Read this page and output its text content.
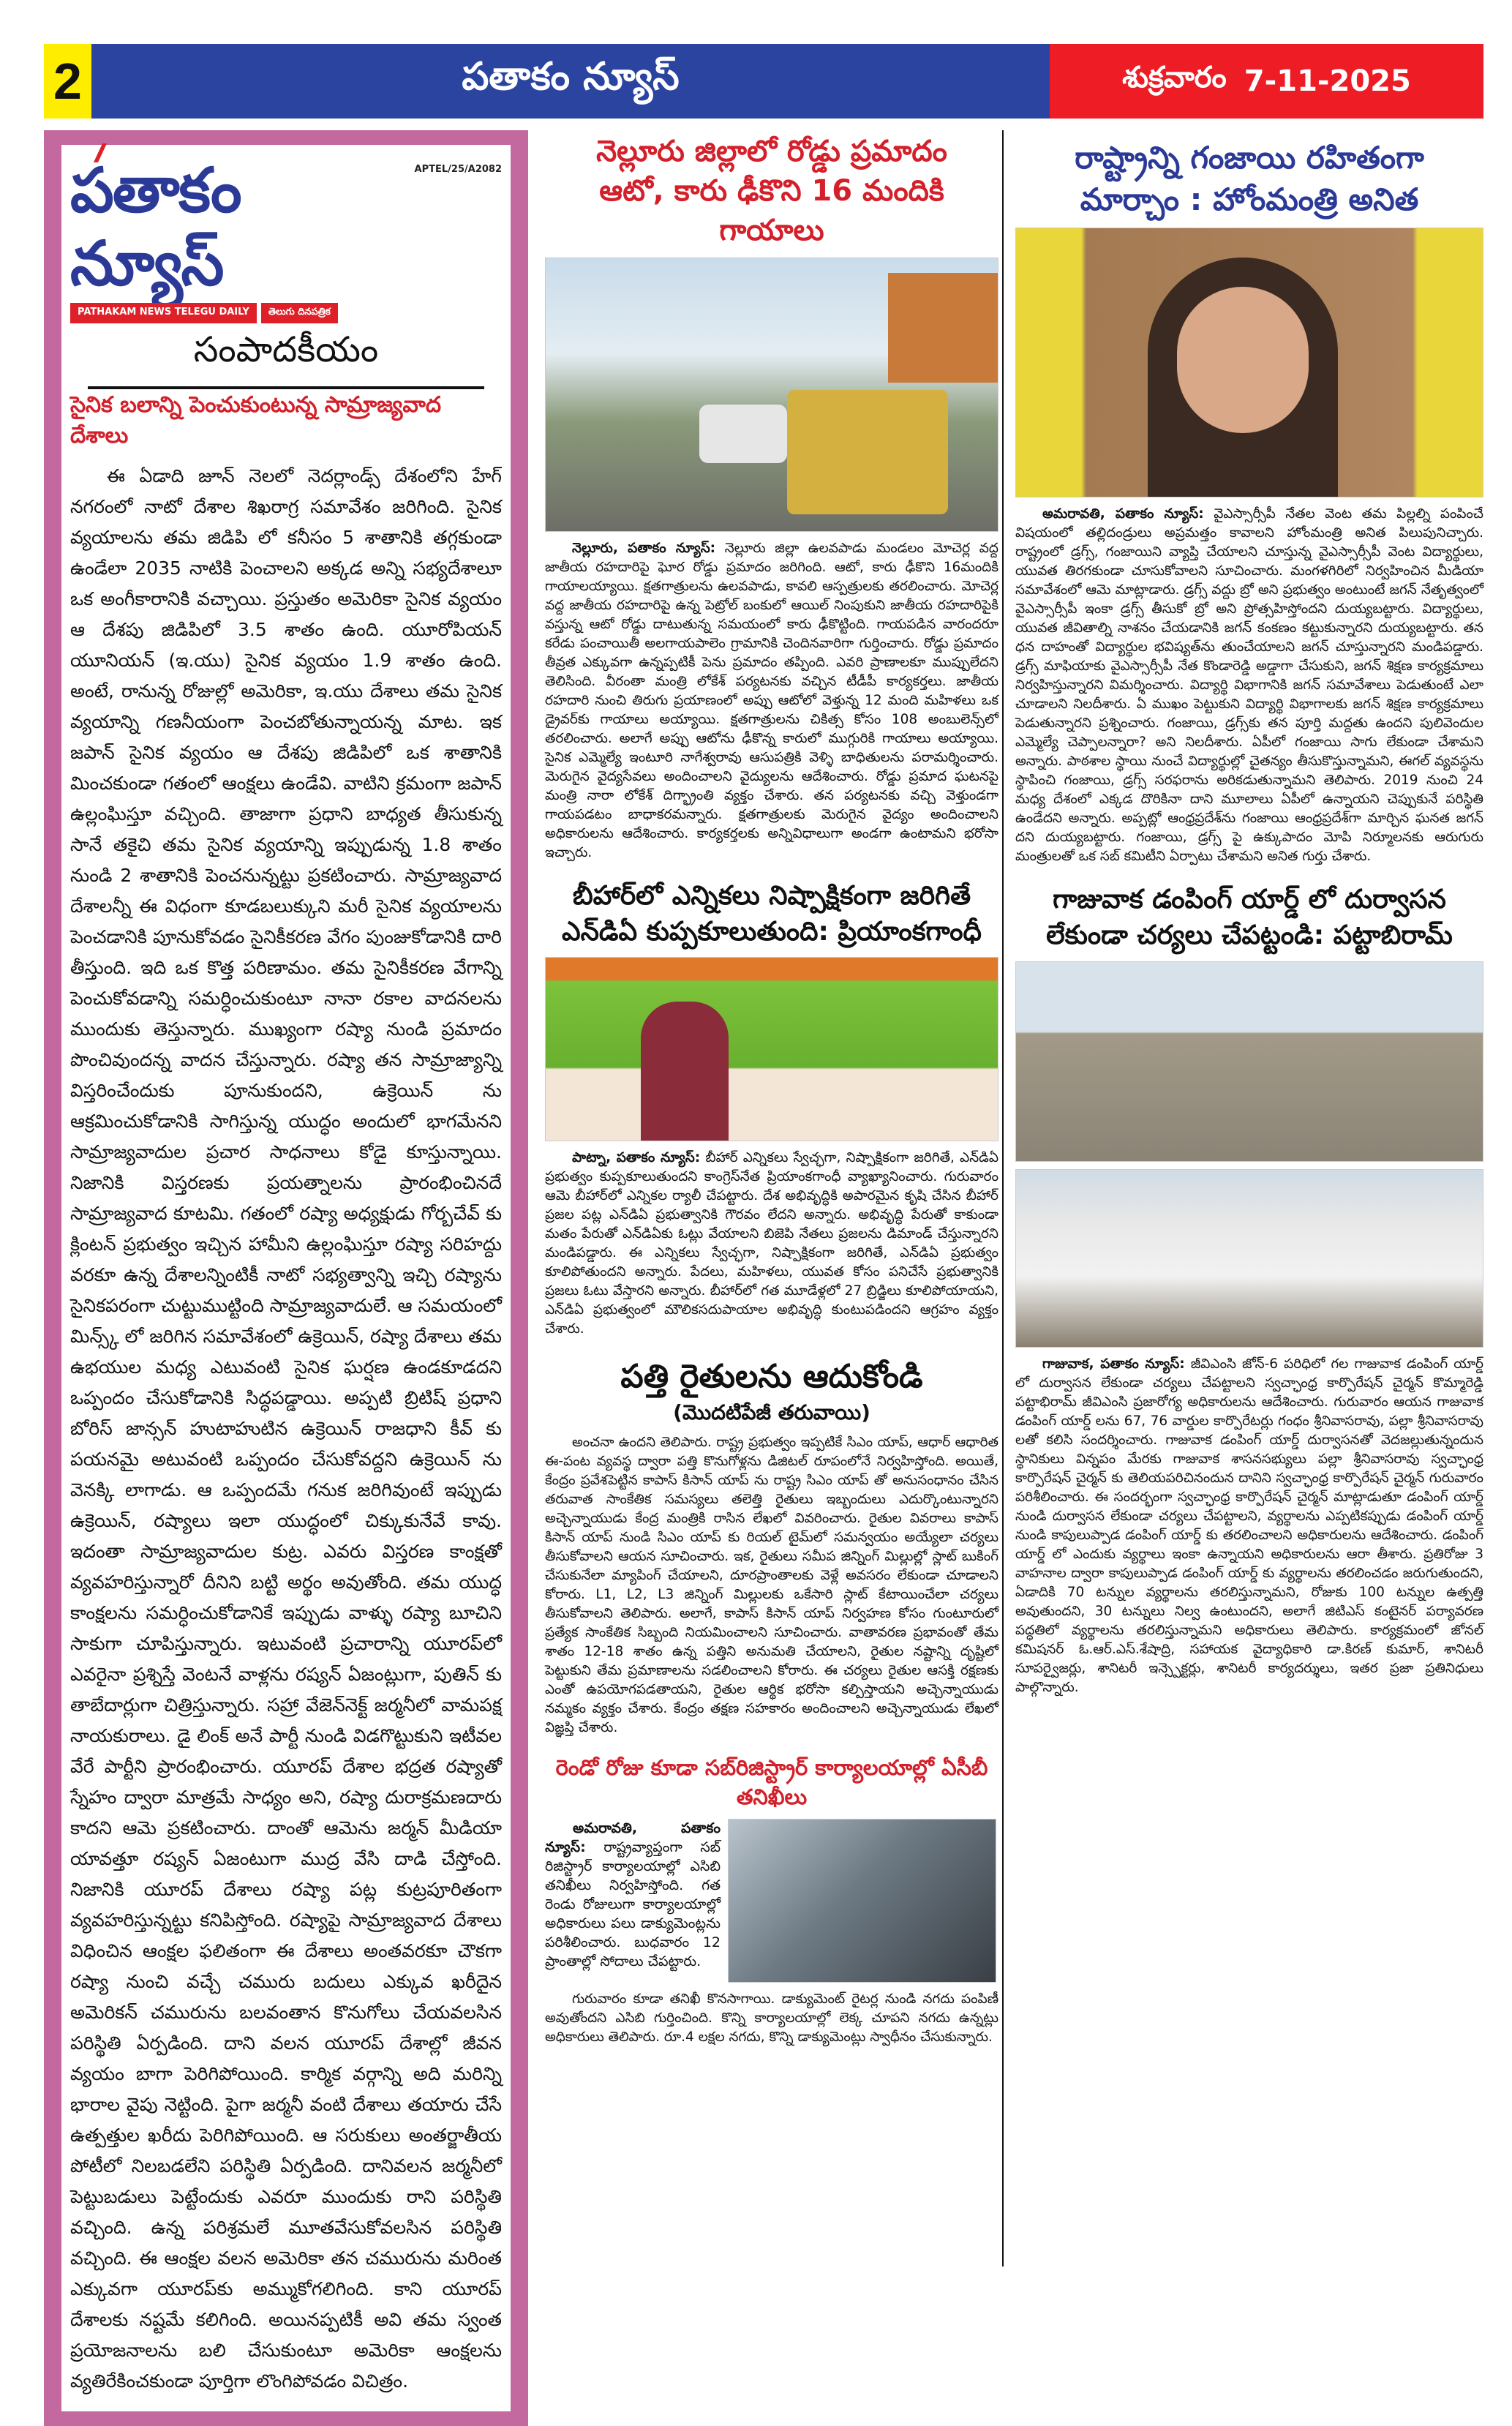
2	పతాకం న్యూస్	శుక్రవారం 7-11-2025
పతాకం న్యూస్
APTEL/25/A2082
PATHAKAM NEWS TELEGU DAILY	తెలుగు దినపత్రిక
సంపాదకీయం
సైనిక బలాన్ని పెంచుకుంటున్న సామ్రాజ్యవాద దేశాలు

ఈ ఏడాది జూన్ నెలలో నెదర్లాండ్స్ దేశంలోని హేగ్ నగరంలో నాటో దేశాల శిఖరాగ్ర సమావేశం జరిగింది. సైనిక వ్యయాలను తమ జిడిపి లో కనీసం 5 శాతానికి తగ్గకుండా ఉండేలా 2035 నాటికి పెంచాలని అక్కడ అన్ని సభ్యదేశాలూ ఒక అంగీకారానికి వచ్చాయి. ప్రస్తుతం అమెరికా సైనిక వ్యయం ఆ దేశపు జిడిపిలో 3.5 శాతం ఉంది. యూరోపియన్ యూనియన్ (ఇ.యు) సైనిక వ్యయం 1.9 శాతం ఉంది. అంటే, రానున్న రోజుల్లో అమెరికా, ఇ.యు దేశాలు తమ సైనిక వ్యయాన్ని గణనీయంగా పెంచబోతున్నాయన్న మాట. ఇక జపాన్ సైనిక వ్యయం ఆ దేశపు జిడిపిలో ఒక శాతానికి మించకుండా గతంలో ఆంక్షలు ఉండేవి. వాటిని క్రమంగా జపాన్ ఉల్లంఘిస్తూ వచ్చింది. తాజాగా ప్రధాని బాధ్యత తీసుకున్న సానే తకైచి తమ సైనిక వ్యయాన్ని ఇప్పుడున్న 1.8 శాతం నుండి 2 శాతానికి పెంచనున్నట్టు ప్రకటించారు. సామ్రాజ్యవాద దేశాలన్నీ ఈ విధంగా కూడబలుక్కుని మరీ సైనిక వ్యయాలను పెంచడానికి పూనుకోవడం సైనికీకరణ వేగం పుంజుకోడానికి దారి తీస్తుంది. ఇది ఒక కొత్త పరిణామం. తమ సైనికీకరణ వేగాన్ని పెంచుకోవడాన్ని సమర్ధించుకుంటూ నానా రకాల వాదనలను ముందుకు తెస్తున్నారు. ముఖ్యంగా రష్యా నుండి ప్రమాదం పొంచివుందన్న వాదన చేస్తున్నారు. రష్యా తన సామ్రాజ్యాన్ని విస్తరించేందుకు పూనుకుందని, ఉక్రెయిన్ ను ఆక్రమించుకోడానికి సాగిస్తున్న యుద్ధం అందులో భాగమేనని సామ్రాజ్యవాదుల ప్రచార సాధనాలు కోడై కూస్తున్నాయి. నిజానికి విస్తరణకు ప్రయత్నాలను ప్రారంభించినదే సామ్రాజ్యవాద కూటమి. గతంలో రష్యా అధ్యక్షుడు గోర్బచేవ్ కు క్లింటన్ ప్రభుత్వం ఇచ్చిన హామీని ఉల్లంఘిస్తూ రష్యా సరిహద్దు వరకూ ఉన్న దేశాలన్నింటికీ నాటో సభ్యత్వాన్ని ఇచ్చి రష్యాను సైనికపరంగా చుట్టుముట్టింది సామ్రాజ్యవాదులే. ఆ సమయంలో మిన్స్క్ లో జరిగిన సమావేశంలో ఉక్రెయిన్, రష్యా దేశాలు తమ ఉభయుల మధ్య ఎటువంటి సైనిక ఘర్షణ ఉండకూడదని ఒప్పందం చేసుకోడానికి సిద్ధపడ్డాయి. అప్పటి బ్రిటిష్ ప్రధాని బోరిస్ జాన్సన్ హుటాహుటిన ఉక్రెయిన్ రాజధాని కీవ్ కు పయనమై అటువంటి ఒప్పందం చేసుకోవద్దని ఉక్రెయిన్ ను వెనక్కి లాగాడు. ఆ ఒప్పందమే గనుక జరిగివుంటే ఇప్పుడు ఉక్రెయిన్, రష్యాలు ఇలా యుద్ధంలో చిక్కుకునేవే కావు. ఇదంతా సామ్రాజ్యవాదుల కుట్ర. ఎవరు విస్తరణ కాంక్షతో వ్యవహరిస్తున్నారో దీనిని బట్టి అర్థం అవుతోంది. తమ యుద్ధ కాంక్షలను సమర్ధించుకోడానికే ఇప్పుడు వాళ్ళు రష్యా బూచిని సాకుగా చూపిస్తున్నారు. ఇటువంటి ప్రచారాన్ని యూరప్‌లో ఎవరైనా ప్రశ్నిస్తే వెంటనే వాళ్లను రష్యన్ ఏజంట్లుగా, పుతిన్ కు తాబేదార్లుగా చిత్రిస్తున్నారు. సహ్రా వేజెన్‌నెక్ట్ జర్మనీలో వామపక్ష నాయకురాలు. డై లింక్ అనే పార్టీ నుండి విడగొట్టుకుని ఇటీవల వేరే పార్టీని ప్రారంభించారు. యూరప్ దేశాల భద్రత రష్యాతో స్నేహం ద్వారా మాత్రమే సాధ్యం అని, రష్యా దురాక్రమణదారు కాదని ఆమె ప్రకటించారు. దాంతో ఆమెను జర్మన్ మీడియా యావత్తూ రష్యన్ ఏజంటుగా ముద్ర వేసి దాడి చేస్తోంది. నిజానికి యూరప్ దేశాలు రష్యా పట్ల కుట్రపూరితంగా వ్యవహరిస్తున్నట్టు కనిపిస్తోంది. రష్యాపై సామ్రాజ్యవాద దేశాలు విధించిన ఆంక్షల ఫలితంగా ఈ దేశాలు అంతవరకూ చౌకగా రష్యా నుంచి వచ్చే చమురు బదులు ఎక్కువ ఖరీదైన అమెరికన్ చమురును బలవంతాన కొనుగోలు చేయవలసిన పరిస్థితి ఏర్పడింది. దాని వలన యూరప్ దేశాల్లో జీవన వ్యయం బాగా పెరిగిపోయింది. కార్మిక వర్గాన్ని అది మరిన్ని భారాల వైపు నెట్టింది. పైగా జర్మనీ వంటి దేశాలు తయారు చేసే ఉత్పత్తుల ఖరీదు పెరిగిపోయింది. ఆ సరుకులు అంతర్జాతీయ పోటీలో నిలబడలేని పరిస్థితి ఏర్పడింది. దానివలన జర్మనీలో పెట్టుబడులు పెట్టేందుకు ఎవరూ ముందుకు రాని పరిస్థితి వచ్చింది. ఉన్న పరిశ్రమలే మూతవేసుకోవలసిన పరిస్థితి వచ్చింది. ఈ ఆంక్షల వలన అమెరికా తన చమురును మరింత ఎక్కువగా యూరప్‌కు అమ్ముకోగలిగింది. కాని యూరప్ దేశాలకు నష్టమే కలిగింది. అయినప్పటికీ అవి తమ స్వంత ప్రయోజనాలను బలి చేసుకుంటూ అమెరికా ఆంక్షలను వ్యతిరేకించకుండా పూర్తిగా లొంగిపోవడం విచిత్రం.

నెల్లూరు జిల్లాలో రోడ్డు ప్రమాదం
ఆటో, కారు ఢీకొని 16 మందికి గాయాలు

నెల్లూరు, పతాకం న్యూస్: నెల్లూరు జిల్లా ఉలవపాడు మండలం మోచెర్ల వద్ద జాతీయ రహదారిపై ఘోర రోడ్డు ప్రమాదం జరిగింది. ఆటో, కారు ఢీకొని 16మందికి గాయాలయ్యాయి. క్షతగాత్రులను ఉలవపాడు, కావలి ఆస్పత్రులకు తరలించారు. మోచెర్ల వద్ద జాతీయ రహదారిపై ఉన్న పెట్రోల్ బంకులో ఆయిల్ నింపుకుని జాతీయ రహదారిపైకి వస్తున్న ఆటో రోడ్డు దాటుతున్న సమయంలో కారు ఢీకొట్టింది. గాయపడిన వారందరూ కరేడు పంచాయితీ అలగాయపాలెం గ్రామానికి చెందినవారిగా గుర్తించారు. రోడ్డు ప్రమాదం తీవ్రత ఎక్కువగా ఉన్నప్పటికీ పెను ప్రమాదం తప్పింది. ఎవరి ప్రాణాలకూ ముప్పులేదని తెలిసింది. వీరంతా మంత్రి లోకేశ్ పర్యటనకు వచ్చిన టీడీపీ కార్యకర్తలు. జాతీయ రహదారి నుంచి తిరుగు ప్రయాణంలో అప్పు ఆటోలో వెళ్తున్న 12 మంది మహిళలు ఒక డ్రైవర్‌కు గాయాలు అయ్యాయి. క్షతగాత్రులను చికిత్స కోసం 108 అంబులెన్స్‌లో తరలించారు. అలాగే అప్పు ఆటోను ఢీకొన్న కారులో ముగ్గురికి గాయాలు అయ్యాయి. సైనిక ఎమ్మెల్యే ఇంటూరి నాగేశ్వరావు ఆసుపత్రికి వెళ్ళి బాధితులను పరామర్శించారు. మెరుగైన వైద్యసేవలు అందించాలని వైద్యులను ఆదేశించారు. రోడ్డు ప్రమాద ఘటనపై మంత్రి నారా లోకేశ్ దిగ్భ్రాంతి వ్యక్తం చేశారు. తన పర్యటనకు వచ్చి వెళ్తుండగా గాయపడటం బాధాకరమన్నారు. క్షతగాత్రులకు మెరుగైన వైద్యం అందించాలని అధికారులను ఆదేశించారు. కార్యకర్తలకు అన్నివిధాలుగా అండగా ఉంటామని భరోసా ఇచ్చారు.

బీహార్‌లో ఎన్నికలు నిష్పాక్షికంగా జరిగితే
ఎన్‌డిఏ కుప్పకూలుతుంది: ప్రియాంకగాంధీ

పాట్నా, పతాకం న్యూస్: బీహార్ ఎన్నికలు స్వేచ్ఛగా, నిష్పాక్షికంగా జరిగితే, ఎన్‌డిఏ ప్రభుత్వం కుప్పకూలుతుందని కాంగ్రెస్‌నేత ప్రియాంకగాంధీ వ్యాఖ్యానించారు. గురువారం ఆమె బీహార్‌లో ఎన్నికల ర్యాలీ చేపట్టారు. దేశ అభివృద్ధికి అపారమైన కృషి చేసిన బీహార్ ప్రజల పట్ల ఎన్‌డిఏ ప్రభుత్వానికి గౌరవం లేదని అన్నారు. అభివృద్ధి పేరుతో కాకుండా మతం పేరుతో ఎన్‌డిఏకు ఓట్లు వేయాలని బిజెపి నేతలు ప్రజలను డిమాండ్ చేస్తున్నారని మండిపడ్డారు. ఈ ఎన్నికలు స్వేచ్ఛగా, నిష్పాక్షికంగా జరిగితే, ఎన్‌డిఏ ప్రభుత్వం కూలిపోతుందని అన్నారు. పేదలు, మహిళలు, యువత కోసం పనిచేసే ప్రభుత్వానికి ప్రజలు ఓటు వేస్తారని అన్నారు. బీహార్‌లో గత మూడేళ్లలో 27 బ్రిడ్జిలు కూలిపోయాయని, ఎన్‌డిఏ ప్రభుత్వంలో మౌలికసదుపాయాల అభివృద్ధి కుంటుపడిందని ఆగ్రహం వ్యక్తం చేశారు.

పత్తి రైతులను ఆదుకోండి
(మొదటిపేజీ తరువాయి)

అంచనా ఉందని తెలిపారు. రాష్ట్ర ప్రభుత్వం ఇప్పటికే సిఎం యాప్, ఆధార్ ఆధారిత ఈ-పంట వ్యవస్థ ద్వారా పత్తి కొనుగోళ్లను డిజిటల్ రూపంలోనే నిర్వహిస్తోంది. అయితే, కేంద్రం ప్రవేశపెట్టిన కాపాస్ కిసాన్ యాప్ ను రాష్ట్ర సిఎం యాప్ తో అనుసంధానం చేసిన తరువాత సాంకేతిక సమస్యలు తలెత్తి రైతులు ఇబ్బందులు ఎదుర్కొంటున్నారని అచ్చెన్నాయుడు కేంద్ర మంత్రికి రాసిన లేఖలో వివరించారు. రైతుల వివరాలు కాపాస్ కిసాన్ యాప్ నుండి సిఎం యాప్ కు రియల్ టైమ్‌లో సమన్వయం అయ్యేలా చర్యలు తీసుకోవాలని ఆయన సూచించారు. ఇక, రైతులు సమీప జిన్నింగ్ మిల్లుల్లో స్లాట్ బుకింగ్ చేసుకునేలా మ్యాపింగ్ చేయాలని, దూరప్రాంతాలకు వెళ్లే అవసరం లేకుండా చూడాలని కోరారు. L1, L2, L3 జిన్నింగ్ మిల్లులకు ఒకేసారి స్లాట్ కేటాయించేలా చర్యలు తీసుకోవాలని తెలిపారు. అలాగే, కాపాస్ కిసాన్ యాప్ నిర్వహణ కోసం గుంటూరులో ప్రత్యేక సాంకేతిక సిబ్బంది నియమించాలని సూచించారు. వాతావరణ ప్రభావంతో తేమ శాతం 12-18 శాతం ఉన్న పత్తిని అనుమతి చేయాలని, రైతుల నష్టాన్ని దృష్టిలో పెట్టుకుని తేమ ప్రమాణాలను సడలించాలని కోరారు. ఈ చర్యలు రైతుల ఆసక్తి రక్షణకు ఎంతో ఉపయోగపడతాయని, రైతుల ఆర్థిక భరోసా కల్పిస్తాయని అచ్చెన్నాయుడు నమ్మకం వ్యక్తం చేశారు. కేంద్రం తక్షణ సహకారం అందించాలని అచ్చెన్నాయుడు లేఖలో విజ్ఞప్తి చేశారు.

రెండో రోజు కూడా సబ్‌రిజిస్ట్రార్ కార్యాలయాల్లో ఏసీబీ తనిఖీలు

అమరావతి, పతాకం న్యూస్: రాష్ట్రవ్యాప్తంగా సబ్ రిజిస్ట్రార్ కార్యాలయాల్లో ఎసిబి తనిఖీలు నిర్వహిస్తోంది. గత రెండు రోజులుగా కార్యాలయాల్లో అధికారులు పలు డాక్యుమెంట్లను పరిశీలించారు. బుధవారం 12 ప్రాంతాల్లో సోదాలు చేపట్టారు.

గురువారం కూడా తనిఖీ కొనసాగాయి. డాక్యుమెంట్ రైటర్ల నుండి నగదు పంపిణీ అవుతోందని ఎసిబి గుర్తించింది. కొన్ని కార్యాలయాల్లో లెక్క చూపని నగదు ఉన్నట్లు అధికారులు తెలిపారు. రూ.4 లక్షల నగదు, కొన్ని డాక్యుమెంట్లు స్వాధీనం చేసుకున్నారు.

రాష్ట్రాన్ని గంజాయి రహితంగా
మార్చాం : హోంమంత్రి అనిత

అమరావతి, పతాకం న్యూస్: వైఎస్సార్సీపీ నేతల వెంట తమ పిల్లల్ని పంపించే విషయంలో తల్లిదండ్రులు అప్రమత్తం కావాలని హోంమంత్రి అనిత పిలుపునిచ్చారు. రాష్ట్రంలో డ్రగ్స్, గంజాయిని వ్యాప్తి చేయాలని చూస్తున్న వైఎస్సార్సీపీ వెంట విద్యార్థులు, యువత తిరగకుండా చూసుకోవాలని సూచించారు. మంగళగిరిలో నిర్వహించిన మీడియా సమావేశంలో ఆమె మాట్లాడారు. డ్రగ్స్ వద్దు బ్రో అని ప్రభుత్వం అంటుంటే జగన్ నేతృత్వంలో వైఎస్సార్సీపీ ఇంకా డ్రగ్స్ తీసుకో బ్రో అని ప్రోత్సహిస్తోందని దుయ్యబట్టారు. విద్యార్థులు, యువత జీవితాల్ని నాశనం చేయడానికి జగన్ కంకణం కట్టుకున్నారని దుయ్యబట్టారు. తన ధన దాహంతో విద్యార్థుల భవిష్యత్‌ను తుంచేయాలని జగన్ చూస్తున్నారని మండిపడ్డారు. డ్రగ్స్ మాఫియాకు వైఎస్సార్సీపీ నేత కొండారెడ్డి అడ్డాగా చేసుకుని, జగన్ శిక్షణ కార్యక్రమాలు నిర్వహిస్తున్నారని విమర్శించారు. విద్యార్థి విభాగానికి జగన్ సమావేశాలు పెడుతుంటే ఎలా చూడాలని నిలదీశారు. ఏ ముఖం పెట్టుకుని విద్యార్థి విభాగాలకు జగన్ శిక్షణ కార్యక్రమాలు పెడుతున్నారని ప్రశ్నించారు. గంజాయి, డ్రగ్స్‌కు తన పూర్తి మద్దతు ఉందని పులివెందుల ఎమ్మెల్యే చెప్పాలన్నారా? అని నిలదీశారు. ఏపీలో గంజాయి సాగు లేకుండా చేశామని అన్నారు. పాఠశాల స్థాయి నుంచే విద్యార్థుల్లో చైతన్యం తీసుకొస్తున్నామని, ఈగల్ వ్యవస్థను స్థాపించి గంజాయి, డ్రగ్స్ సరఫరాను అరికడుతున్నామని తెలిపారు. 2019 నుంచి 24 మధ్య దేశంలో ఎక్కడ దొరికినా దాని మూలాలు ఏపీలో ఉన్నాయని చెప్పుకునే పరిస్థితి ఉండేదని అన్నారు. అప్పట్లో ఆంధ్రప్రదేశ్‌ను గంజాయి ఆంధ్రప్రదేశ్‌గా మార్చిన ఘనత జగన్ దని దుయ్యబట్టారు. గంజాయి, డ్రగ్స్ పై ఉక్కుపాదం మోపి నిర్మూలనకు ఆరుగురు మంత్రులతో ఒక సబ్ కమిటీని ఏర్పాటు చేశామని అనిత గుర్తు చేశారు.

గాజువాక డంపింగ్ యార్డ్ లో దుర్వాసన
లేకుండా చర్యలు చేపట్టండి: పట్టాబిరామ్

గాజువాక, పతాకం న్యూస్: జీవిఎంసి జోన్-6 పరిధిలో గల గాజువాక డంపింగ్ యార్డ్ లో దుర్వాసన లేకుండా చర్యలు చేపట్టాలని స్వచ్ఛాంధ్ర కార్పొరేషన్ చైర్మన్ కొమ్మారెడ్డి పట్టాభిరామ్ జీవిఎంసి ప్రజారోగ్య అధికారులను ఆదేశించారు. గురువారం ఆయన గాజువాక డంపింగ్ యార్డ్ లను 67, 76 వార్డుల కార్పొరేటర్లు గంధం శ్రీనివాసరావు, పల్లా శ్రీనివాసరావు లతో కలిసి సందర్శించారు. గాజువాక డంపింగ్ యార్డ్ దుర్వాసనతో వెదజల్లుతున్నందున స్థానికులు విన్నపం మేరకు గాజువాక శాసనసభ్యులు పల్లా శ్రీనివాసరావు స్వచ్ఛాంధ్ర కార్పొరేషన్ చైర్మన్ కు తెలియపరిచినందున దానిని స్వచ్ఛాంధ్ర కార్పొరేషన్ చైర్మన్ గురువారం పరిశీలించారు. ఈ సందర్భంగా స్వచ్ఛాంధ్ర కార్పొరేషన్ చైర్మన్ మాట్లాడుతూ డంపింగ్ యార్డ్ నుండి దుర్వాసన లేకుండా చర్యలు చేపట్టాలని, వ్యర్థాలను ఎప్పటికప్పుడు డంపింగ్ యార్డ్ నుండి కాపులుప్పాడ డంపింగ్ యార్డ్ కు తరలించాలని అధికారులను ఆదేశించారు. డంపింగ్ యార్డ్ లో ఎందుకు వ్యర్థాలు ఇంకా ఉన్నాయని అధికారులను ఆరా తీశారు. ప్రతిరోజు 3 వాహనాల ద్వారా కాపులుప్పాడ డంపింగ్ యార్డ్ కు వ్యర్థాలను తరలించడం జరుగుతుందని, ఏడాదికి 70 టన్నుల వ్యర్థాలను తరలిస్తున్నామని, రోజుకు 100 టన్నుల ఉత్పత్తి అవుతుందని, 30 టన్నులు నిల్వ ఉంటుందని, అలాగే జిటిఎస్ కంటైనర్ పర్యావరణ పద్ధతిలో వ్యర్థాలను తరలిస్తున్నామని అధికారులు తెలిపారు. కార్యక్రమంలో జోనల్ కమిషనర్ ఓ.ఆర్.ఎస్.శేషాద్రి, సహాయక వైద్యాధికారి డా.కిరణ్ కుమార్, శానిటరీ సూపర్వైజర్లు, శానిటరీ ఇన్స్పెక్టర్లు, శానిటరీ కార్యదర్శులు, ఇతర ప్రజా ప్రతినిధులు పాల్గొన్నారు.
